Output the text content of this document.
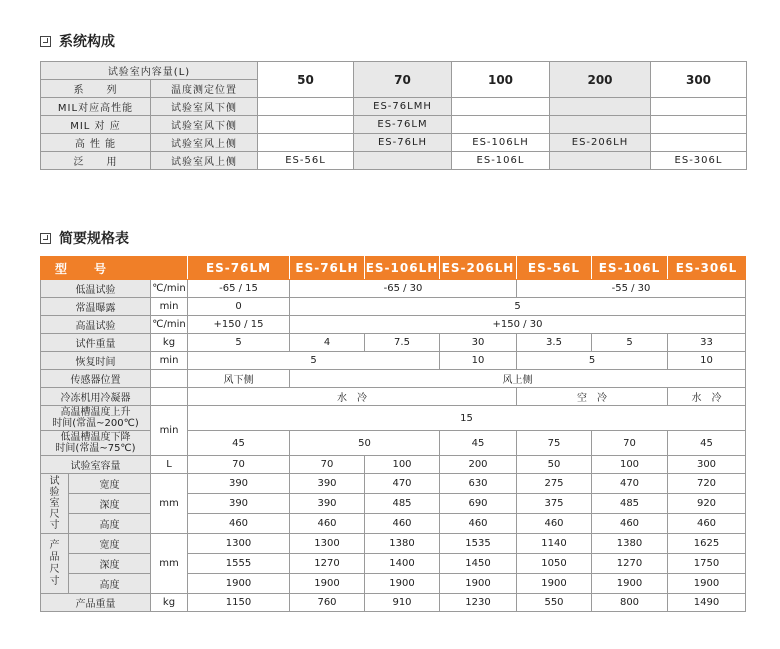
系统构成
试验室内容量(L)		50	70	100	200	300
系　　列	温度测定位置					
MIL对应高性能	试验室风下侧		ES-76LMH			
MIL 对 应	试验室风下侧		ES-76LM			
高 性 能	试验室风上侧		ES-76LH	ES-106LH	ES-206LH	
泛　　用	试验室风上侧	ES-56L		ES-106L		ES-306L
简要规格表
型　　号			ES-76LM	ES-76LH	ES-106LH	ES-206LH	ES-56L	ES-106L	ES-306L
低温试验		℃/min	-65 / 15	-65 / 30			-55 / 30		
常温曝露		min	0	5					
高温试验		℃/min	+150 / 15	+150 / 30					
试件重量		kg	5	4	7.5	30	3.5	5	33
恢复时间		min	5			10	5		10
传感器位置			风下侧	风上侧					
冷冻机用冷凝器			水　冷				空　冷		水　冷
高温槽温度上升
时间(常温~200℃)		min	15						
低温槽温度下降
时间(常温~75℃)			45	50		45	75	70	45
试验室容量		L	70	70	100	200	50	100	300

试
验
室
尺
寸	宽度	mm	390	390	470	630	275	470	720
	深度		390	390	485	690	375	485	920
	高度		460	460	460	460	460	460	460

产
品
尺
寸	宽度	mm	1300	1300	1380	1535	1140	1380	1625
	深度		1555	1270	1400	1450	1050	1270	1750
	高度		1900	1900	1900	1900	1900	1900	1900
产品重量		kg	1150	760	910	1230	550	800	1490
